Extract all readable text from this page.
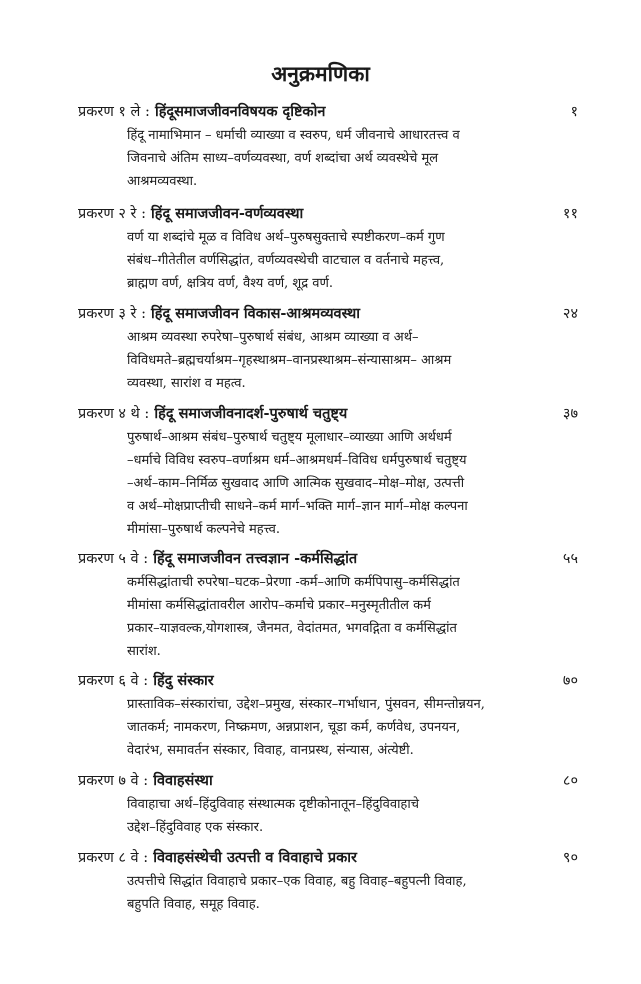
अनुक्रमणिका
प्रकरण १ ले : हिंदूसमाजजीवनविषयक दृष्टिकोन	१
हिंदू नामाभिमान – धर्माची व्याख्या व स्वरुप, धर्म जीवनाचे आधारतत्त्व व
जिवनाचे अंतिम साध्य–वर्णव्यवस्था, वर्ण शब्दांचा अर्थ व्यवस्थेचे मूल
आश्रमव्यवस्था.
प्रकरण २ रे : हिंदू समाजजीवन-वर्णव्यवस्था	११
वर्ण या शब्दांचे मूळ व विविध अर्थ–पुरुषसुक्ताचे स्पष्टीकरण–कर्म गुण
संबंध–गीतेतील वर्णसिद्धांत, वर्णव्यवस्थेची वाटचाल व वर्तनाचे महत्त्व,
ब्राह्मण वर्ण, क्षत्रिय वर्ण, वैश्य वर्ण, शूद्र वर्ण.
प्रकरण ३ रे : हिंदू समाजजीवन विकास-आश्रमव्यवस्था	२४
आश्रम व्यवस्था रुपरेषा–पुरुषार्थ संबंध, आश्रम व्याख्या व अर्थ–
विविधमते–ब्रह्मचर्याश्रम–गृहस्थाश्रम–वानप्रस्थाश्रम–संन्यासाश्रम– आश्रम
व्यवस्था, सारांश व महत्व.
प्रकरण ४ थे : हिंदू समाजजीवनादर्श-पुरुषार्थ चतुष्ट्य	३७
पुरुषार्थ–आश्रम संबंध–पुरुषार्थ चतुष्ट्य मूलाधार–व्याख्या आणि अर्थधर्म
–धर्माचे विविध स्वरुप–वर्णाश्रम धर्म–आश्रमधर्म–विविध धर्मपुरुषार्थ चतुष्ट्य
–अर्थ–काम–निर्मिळ सुखवाद आणि आत्मिक सुखवाद–मोक्ष–मोक्ष, उत्पत्ती
व अर्थ–मोक्षप्राप्तीची साधने–कर्म मार्ग–भक्ति मार्ग–ज्ञान मार्ग–मोक्ष कल्पना
मीमांसा–पुरुषार्थ कल्पनेचे महत्त्व.
प्रकरण ५ वे : हिंदू समाजजीवन तत्त्वज्ञान -कर्मसिद्धांत	५५
कर्मसिद्धांताची रुपरेषा–घटक–प्रेरणा -कर्म–आणि कर्मपिपासु–कर्मसिद्धांत
मीमांसा कर्मसिद्धांतावरील आरोप–कर्माचे प्रकार–मनुस्मृतीतील कर्म
प्रकार–याज्ञवल्क,योगशास्त्र, जैनमत, वेदांतमत, भगवद्गिता व कर्मसिद्धांत
सारांश.
प्रकरण ६ वे : हिंदु संस्कार	७०
प्रास्ताविक–संस्कारांचा, उद्देश–प्रमुख, संस्कार–गर्भाधान, पुंसवन, सीमन्तोन्नयन,
जातकर्म; नामकरण, निष्क्रमण, अन्नप्राशन, चूडा कर्म, कर्णवेध, उपनयन,
वेदारंभ, समावर्तन संस्कार, विवाह, वानप्रस्थ, संन्यास, अंत्येष्टी.
प्रकरण ७ वे : विवाहसंस्था	८०
विवाहाचा अर्थ–हिंदुविवाह संस्थात्मक दृष्टीकोनातून–हिंदुविवाहाचे
उद्देश–हिंदुविवाह एक संस्कार.
प्रकरण ८ वे : विवाहसंस्थेची उत्पत्ती व विवाहाचे प्रकार	९०
उत्पत्तीचे सिद्धांत विवाहाचे प्रकार–एक विवाह, बहु विवाह–बहुपत्नी विवाह,
बहुपति विवाह, समूह विवाह.
